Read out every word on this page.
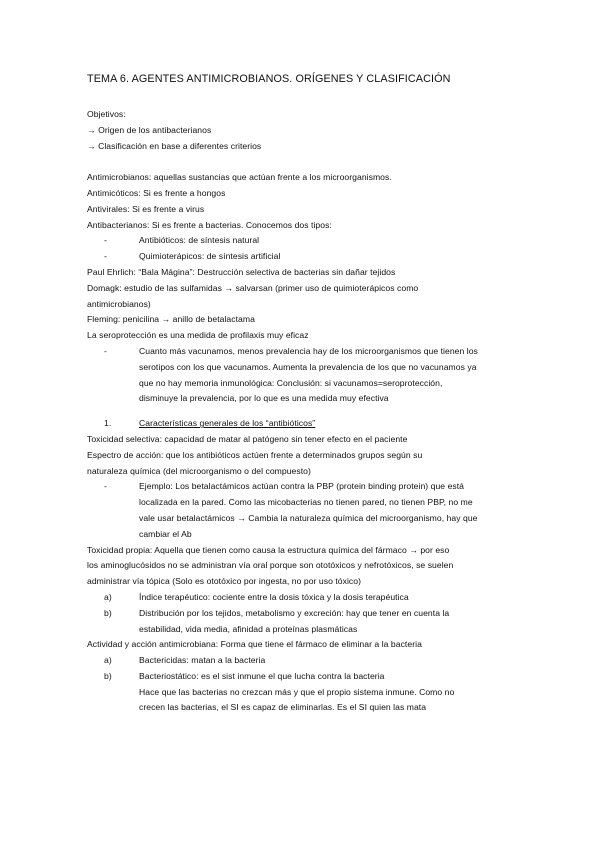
TEMA 6. AGENTES ANTIMICROBIANOS. ORÍGENES Y CLASIFICACIÓN
Objetivos:
→ Origen de los antibacterianos
→ Clasificación en base a diferentes criterios
Antimicrobianos: aquellas sustancias que actúan frente a los microorganismos.
Antimicóticos: Si es frente a hongos
Antivirales: Si es frente a virus
Antibacterianos: Si es frente a bacterias. Conocemos dos tipos:
-	Antibióticos: de síntesis natural
-	Quimioterápicos: de síntesis artificial
Paul Ehrlich: “Bala Mágina”: Destrucción selectiva de bacterias sin dañar tejidos
Domagk: estudio de las sulfamidas → salvarsan (primer uso de quimioterápicos como
antimicrobianos)
Fleming: penicilina → anillo de betalactama
La seroprotección es una medida de profilaxis muy eficaz
-	Cuanto más vacunamos, menos prevalencia hay de los microorganismos que tienen los
serotipos con los que vacunamos. Aumenta la prevalencia de los que no vacunamos ya
que no hay memoria inmunológica: Conclusión: si vacunamos=seroprotección,
disminuye la prevalencia, por lo que es una medida muy efectiva
1.	Características generales de los “antibióticos”
Toxicidad selectiva: capacidad de matar al patógeno sin tener efecto en el paciente
Espectro de acción: que los antibióticos actúen frente a determinados grupos según su
naturaleza química (del microorganismo o del compuesto)
-	Ejemplo: Los betalactámicos actúan contra la PBP (protein binding protein) que está
localizada en la pared. Como las micobacterias no tienen pared, no tienen PBP, no me
vale usar betalactámicos → Cambia la naturaleza química del microorganismo, hay que
cambiar el Ab
Toxicidad propia: Aquella que tienen como causa la estructura química del fármaco → por eso
los aminoglucósidos no se administran vía oral porque son ototóxicos y nefrotóxicos, se suelen
administrar vía tópica (Solo es ototóxico por ingesta, no por uso tóxico)
a)	Índice terapéutico: cociente entre la dosis tóxica y la dosis terapéutica
b)	Distribución por los tejidos, metabolismo y excreción: hay que tener en cuenta la
estabilidad, vida media, afinidad a proteínas plasmáticas
Actividad y acción antimicrobiana: Forma que tiene el fármaco de eliminar a la bacteria
a)	Bactericidas: matan a la bacteria
b)	Bacteriostático: es el sist inmune el que lucha contra la bacteria
Hace que las bacterias no crezcan más y que el propio sistema inmune. Como no
crecen las bacterias, el SI es capaz de eliminarlas. Es el SI quien las mata
